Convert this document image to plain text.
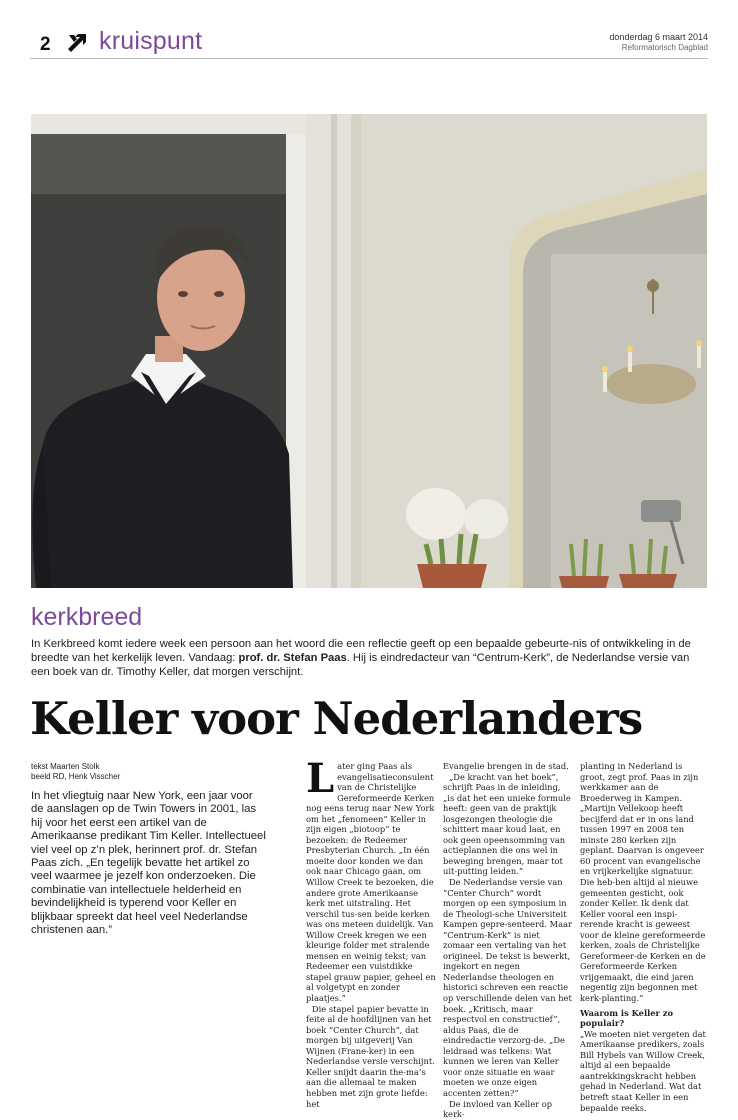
2 kruispunt	donderdag 6 maart 2014
Reformatorisch Dagblad
kerkbreed

In Kerkbreed komt iedere week een persoon aan het woord die een reflectie geeft op een bepaalde gebeurte-nis of ontwikkeling in de breedte van het kerkelijk leven. Vandaag: prof. dr. Stefan Paas. Hij is eindredacteur van “Centrum-Kerk”, de Nederlandse versie van een boek van dr. Timothy Keller, dat morgen verschijnt.

Keller voor Nederlanders
tekst Maarten Stolk
beeld RD, Henk Visscher

In het vliegtuig naar New York, een jaar voor de aanslagen op de Twin Towers in 2001, las hij voor het eerst een artikel van de Amerikaanse predikant Tim Keller. Intellectueel viel veel op z’n plek, herinnert prof. dr. Stefan Paas zich. „En tegelijk bevatte het artikel zo veel waarmee je jezelf kon onderzoeken. Die combinatie van intellectuele helderheid en bevindelijkheid is typerend voor Keller en blijkbaar spreekt dat heel veel Nederlandse christenen aan.”

L ater ging Paas als evangelisatieconsulent van de Christelijke Gereformeerde Kerken nog eens terug naar New York om het „fenomeen” Keller in zijn eigen „biotoop” te bezoeken: de Redeemer Presbyterian Church. „In één moeite door konden we dan ook naar Chicago gaan, om Willow Creek te bezoeken, die andere grote Amerikaanse kerk met uitstraling. Het verschil tus-sen beide kerken was ons meteen duidelijk. Van Willow Creek kregen we een kleurige folder met stralende mensen en weinig tekst; van Redeemer een vuistdikke stapel grauw papier, geheel en al volgetypt en zonder plaatjes.”

Die stapel papier bevatte in feite al de hoofdlijnen van het boek “Center Church”, dat morgen bij uitgeverij Van Wijnen (Frane-ker) in een Nederlandse versie verschijnt. Keller snijdt daarin the-ma’s aan die allemaal te maken hebben met zijn grote liefde: het

Evangelie brengen in de stad.

„De kracht van het boek”, schrijft Paas in de inleiding, „is dat het een unieke formule heeft: geen van de praktijk losgezongen theologie die schittert maar koud laat, en ook geen opeensomming van actieplannen die ons wel in beweging brengen, maar tot uit-putting leiden.”

De Nederlandse versie van “Center Church” wordt morgen op een symposium in de Theologi-sche Universiteit Kampen gepre-senteerd. Maar “Centrum-Kerk” is niet zomaar een vertaling van het origineel. De tekst is bewerkt, ingekort en negen Nederlandse theologen en historici schreven een reactie op verschillende delen van het boek. „Kritisch, maar respectvol en constructief”, aldus Paas, die de eindredactie verzorg-de. „De leidraad was telkens: Wat kunnen we leren van Keller voor onze situatie en waar moeten we onze eigen accenten zetten?”

De invloed van Keller op kerk-

planting in Nederland is groot, zegt prof. Paas in zijn werkkamer aan de Broederweg in Kampen. „Martijn Vellekoop heeft becijferd dat er in ons land tussen 1997 en 2008 ten minste 280 kerken zijn geplant. Daarvan is ongeveer 60 procent van evangelische en vrijkerkelijke signatuur. Die heb-ben altijd al nieuwe gemeenten gesticht, ook zonder Keller. Ik denk dat Keller vooral een inspi-rerende kracht is geweest voor de kleine gereformeerde kerken, zoals de Christelijke Gereformeer-de Kerken en de Gereformeerde Kerken vrijgemaakt, die eind jaren negentig zijn begonnen met kerk-planting.”

Waarom is Keller zo populair?

„We moeten niet vergeten dat Amerikaanse predikers, zoals Bill Hybels van Willow Creek, altijd al een bepaalde aantrekkingskracht hebben gehad in Nederland. Wat dat betreft staat Keller in een bepaalde reeks.
